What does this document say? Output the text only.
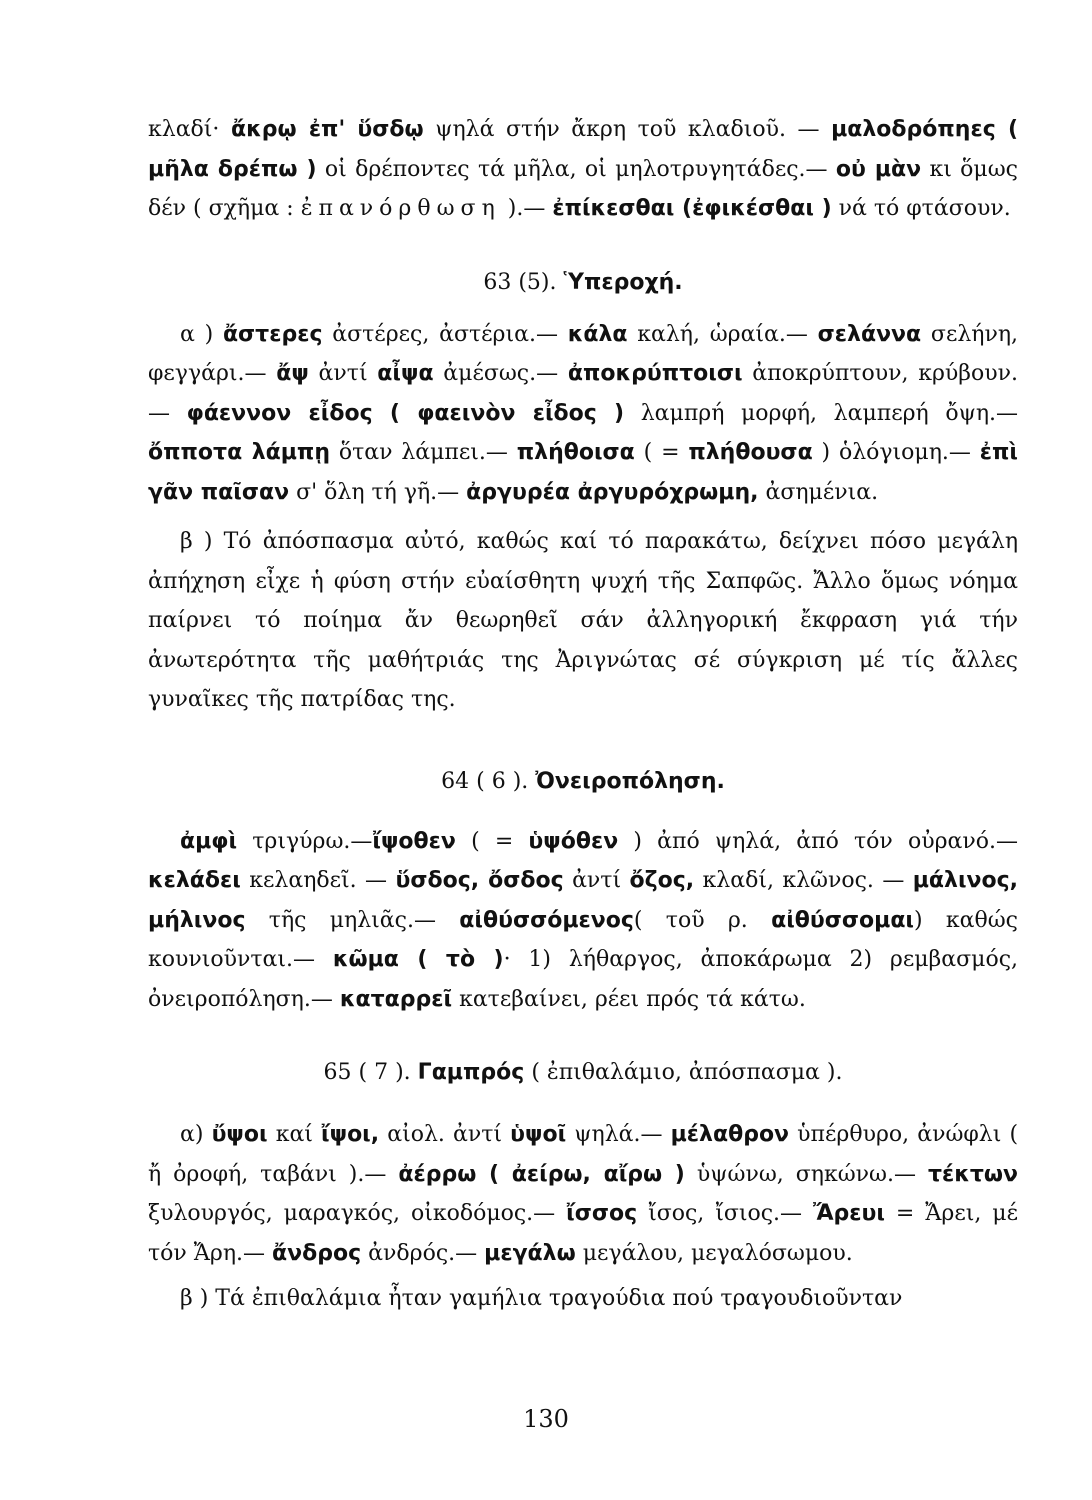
κλαδί· ἄκρῳ ἐπ' ὕσδῳ ψηλά στήν ἄκρη τοῦ κλαδιοῦ. — μαλοδρόπηες ( μῆλα δρέπω ) οἱ δρέποντες τά μῆλα, οἱ μηλοτρυγητάδες.— οὐ μὰν κι ὅμως δέν ( σχῆμα : ἐπανόρθωση ).— ἐπίκεσθαι (ἐφικέσθαι ) νά τό φτάσουν.

63 (5). Ὑπεροχή.

α ) ἄστερες ἀστέρες, ἀστέρια.— κάλα καλή, ὡραία.— σελάννα σελήνη, φεγγάρι.— ἄψ ἀντί αἶψα ἀμέσως.— ἀποκρύπτοισι ἀποκρύπτουν, κρύβουν.— φάεννον εἶδος ( φαεινὸν εἶδος ) λαμπρή μορφή, λαμπερή ὄψη.— ὄπποτα λάμπῃ ὅταν λάμπει.— πλήθοισα ( = πλήθουσα ) ὁλόγιομη.— ἐπὶ γᾶν παῖσαν σ' ὅλη τή γῆ.— ἀργυρέα ἀργυρόχρωμη, ἀσημένια.

β ) Τό ἀπόσπασμα αὐτό, καθώς καί τό παρακάτω, δείχνει πόσο μεγάλη ἀπήχηση εἶχε ἡ φύση στήν εὐαίσθητη ψυχή τῆς Σαπφῶς. Ἄλλο ὅμως νόημα παίρνει τό ποίημα ἄν θεωρηθεῖ σάν ἀλληγορική ἔκφραση γιά τήν ἀνωτερότητα τῆς μαθήτριάς της Ἀριγνώτας σέ σύγκριση μέ τίς ἄλλες γυναῖκες τῆς πατρίδας της.

64 ( 6 ). Ὀνειροπόληση.

ἀμφὶ τριγύρω.—ἴψοθεν ( = ὑψόθεν ) ἀπό ψηλά, ἀπό τόν οὐρανό.— κελάδει κελαηδεῖ. — ὕσδος, ὄσδος ἀντί ὄζος, κλαδί, κλῶνος. — μάλινος, μήλινος τῆς μηλιᾶς.— αἰθύσσόμενος( τοῦ ρ. αἰθύσσομαι) καθώς κουνιοῦνται.— κῶμα ( τὸ )· 1) λήθαργος, ἀποκάρωμα 2) ρεμβασμός, ὀνειροπόληση.— καταρρεῖ κατεβαίνει, ρέει πρός τά κάτω.

65 ( 7 ). Γαμπρός ( ἐπιθαλάμιο, ἀπόσπασμα ).

α) ὔψοι καί ἴψοι, αἰολ. ἀντί ὑψοῖ ψηλά.— μέλαθρον ὑπέρθυρο, ἀνώφλι ( ἤ ὀροφή, ταβάνι ).— ἀέρρω ( ἀείρω, αἴρω ) ὑψώνω, σηκώνω.— τέκτων ξυλουργός, μαραγκός, οἰκοδόμος.— ἴσσος ἴσος, ἴσιος.— Ἄρευι = Ἄρει, μέ τόν Ἄρη.— ἄνδρος ἀνδρός.— μεγάλω μεγάλου, μεγαλόσωμου.

β ) Τά ἐπιθαλάμια ἦταν γαμήλια τραγούδια πού τραγουδιοῦνταν

130
